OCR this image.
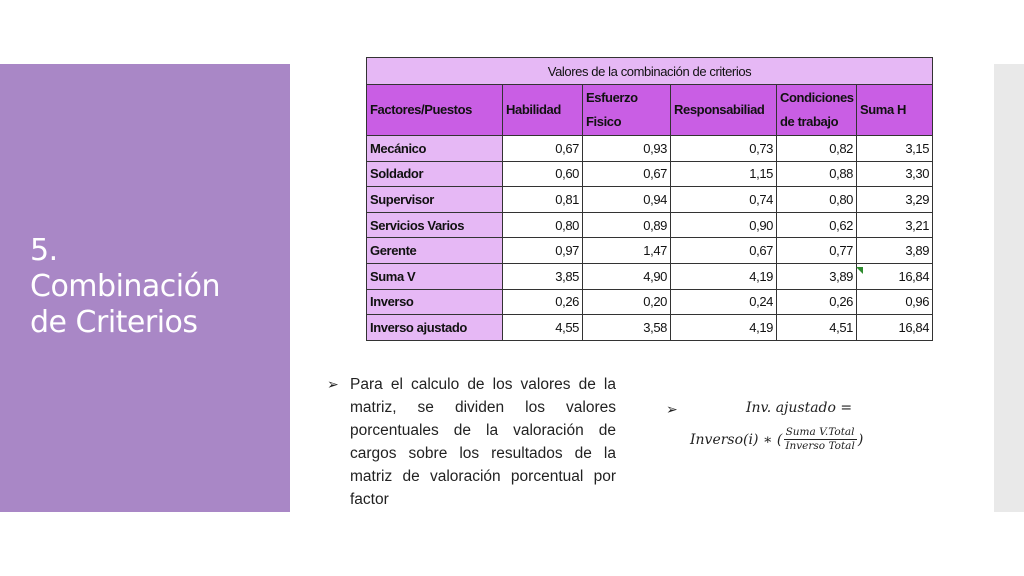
5.
Combinación
de Criterios
Valores de la combinación de criterios					
Factores/Puestos	Habilidad	Esfuerzo Fisico	Responsabiliad	Condiciones de trabajo	Suma H
Mecánico	0,67	0,93	0,73	0,82	3,15
Soldador	0,60	0,67	1,15	0,88	3,30
Supervisor	0,81	0,94	0,74	0,80	3,29
Servicios Varios	0,80	0,89	0,90	0,62	3,21
Gerente	0,97	1,47	0,67	0,77	3,89
Suma V	3,85	4,90	4,19	3,89	16,84
Inverso	0,26	0,20	0,24	0,26	0,96
Inverso ajustado	4,55	3,58	4,19	4,51	16,84
➢ Para el calculo de los valores de la matriz, se dividen los valores porcentuales de la valoración de cargos sobre los resultados de la matriz de valoración porcentual por factor
➢	Inv. ajustado =
Inverso(i) ∗ ( $\frac{\text{Suma V.Total}}{\text{Inverso Total}}$ )
